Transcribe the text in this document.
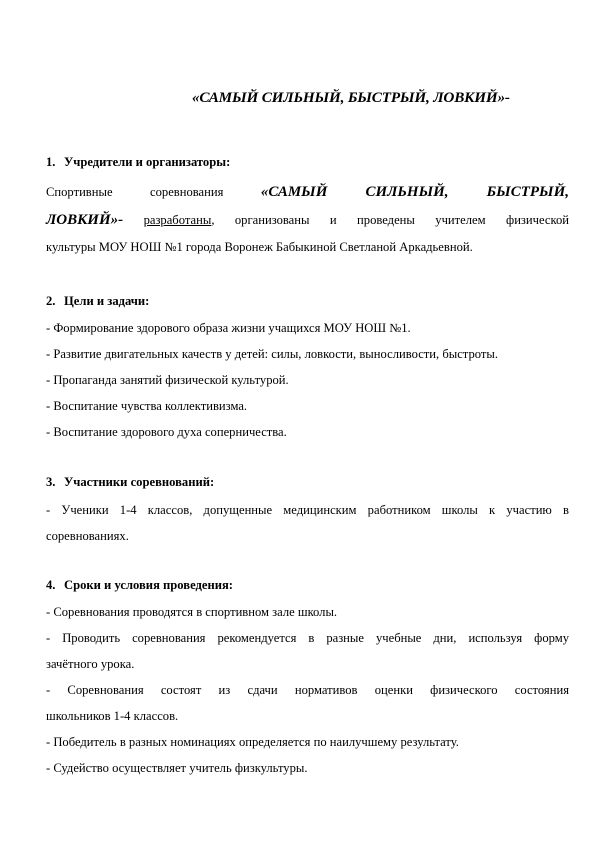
«САМЫЙ СИЛЬНЫЙ, БЫСТРЫЙ, ЛОВКИЙ»-
1. Учредители и организаторы:
Спортивные соревнования «САМЫЙ СИЛЬНЫЙ, БЫСТРЫЙ,
ЛОВКИЙ»- разработаны, организованы и проведены учителем физической
культуры МОУ НОШ №1 города Воронеж Бабыкиной Светланой Аркадьевной.
2. Цели и задачи:
- Формирование здорового образа жизни учащихся МОУ НОШ №1.
- Развитие двигательных качеств у детей: силы, ловкости, выносливости, быстроты.
- Пропаганда занятий физической культурой.
- Воспитание чувства коллективизма.
- Воспитание здорового духа соперничества.
3. Участники соревнований:
- Ученики 1-4 классов, допущенные медицинским работником школы к участию в
соревнованиях.
4. Сроки и условия проведения:
- Соревнования проводятся в спортивном зале школы.
- Проводить соревнования рекомендуется в разные учебные дни, используя форму
зачётного урока.
- Соревнования состоят из сдачи нормативов оценки физического состояния
школьников 1-4 классов.
- Победитель в разных номинациях определяется по наилучшему результату.
- Судейство осуществляет учитель физкультуры.
